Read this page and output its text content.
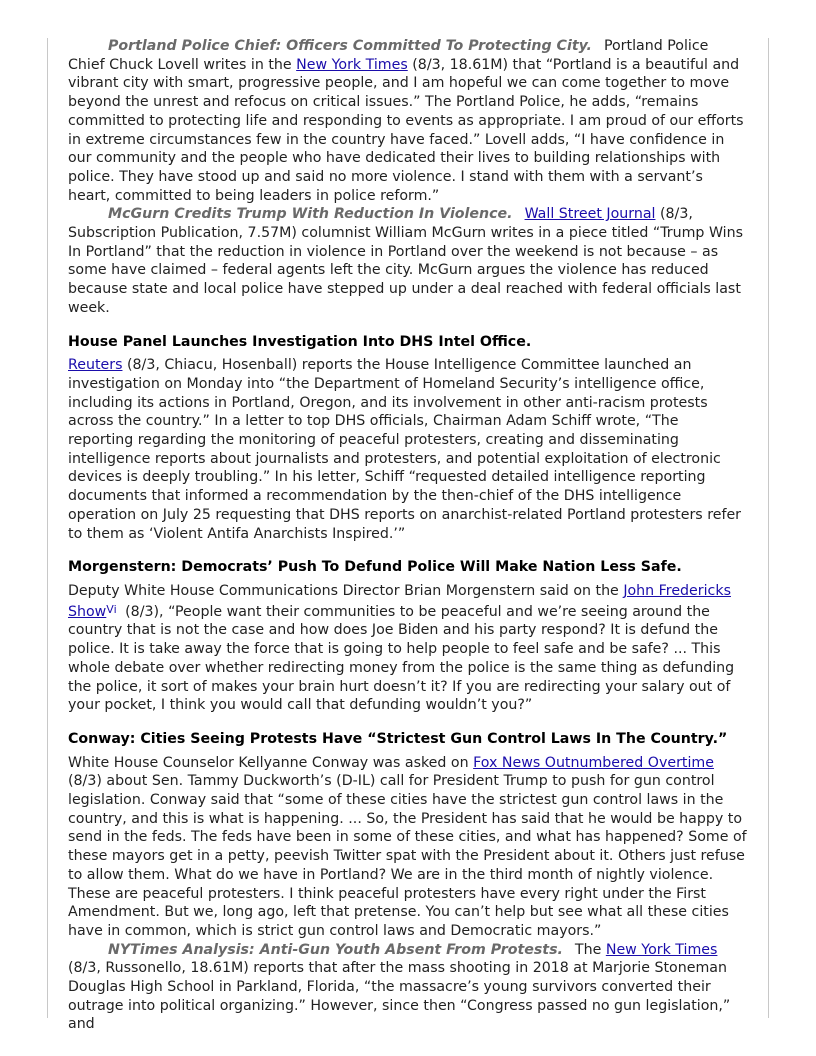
Portland Police Chief: Officers Committed To Protecting City. Portland Police Chief Chuck Lovell writes in the New York Times (8/3, 18.61M) that “Portland is a beautiful and vibrant city with smart, progressive people, and I am hopeful we can come together to move beyond the unrest and refocus on critical issues.” The Portland Police, he adds, “remains committed to protecting life and responding to events as appropriate. I am proud of our efforts in extreme circumstances few in the country have faced.” Lovell adds, “I have confidence in our community and the people who have dedicated their lives to building relationships with police. They have stood up and said no more violence. I stand with them with a servant’s heart, committed to being leaders in police reform.”

McGurn Credits Trump With Reduction In Violence. Wall Street Journal (8/3, Subscription Publication, 7.57M) columnist William McGurn writes in a piece titled “Trump Wins In Portland” that the reduction in violence in Portland over the weekend is not because – as some have claimed – federal agents left the city. McGurn argues the violence has reduced because state and local police have stepped up under a deal reached with federal officials last week.

House Panel Launches Investigation Into DHS Intel Office.

Reuters (8/3, Chiacu, Hosenball) reports the House Intelligence Committee launched an investigation on Monday into “the Department of Homeland Security’s intelligence office, including its actions in Portland, Oregon, and its involvement in other anti-racism protests across the country.” In a letter to top DHS officials, Chairman Adam Schiff wrote, “The reporting regarding the monitoring of peaceful protesters, creating and disseminating intelligence reports about journalists and protesters, and potential exploitation of electronic devices is deeply troubling.” In his letter, Schiff “requested detailed intelligence reporting documents that informed a recommendation by the then-chief of the DHS intelligence operation on July 25 requesting that DHS reports on anarchist-related Portland protesters refer to them as ‘Violent Antifa Anarchists Inspired.’”

Morgenstern: Democrats’ Push To Defund Police Will Make Nation Less Safe.

Deputy White House Communications Director Brian Morgenstern said on the John Fredericks Show$^{Vi}$ (8/3), “People want their communities to be peaceful and we’re seeing around the country that is not the case and how does Joe Biden and his party respond? It is defund the police. It is take away the force that is going to help people to feel safe and be safe? ... This whole debate over whether redirecting money from the police is the same thing as defunding the police, it sort of makes your brain hurt doesn’t it? If you are redirecting your salary out of your pocket, I think you would call that defunding wouldn’t you?”

Conway: Cities Seeing Protests Have “Strictest Gun Control Laws In The Country.”

White House Counselor Kellyanne Conway was asked on Fox News Outnumbered Overtime (8/3) about Sen. Tammy Duckworth’s (D-IL) call for President Trump to push for gun control legislation. Conway said that “some of these cities have the strictest gun control laws in the country, and this is what is happening. ... So, the President has said that he would be happy to send in the feds. The feds have been in some of these cities, and what has happened? Some of these mayors get in a petty, peevish Twitter spat with the President about it. Others just refuse to allow them. What do we have in Portland? We are in the third month of nightly violence. These are peaceful protesters. I think peaceful protesters have every right under the First Amendment. But we, long ago, left that pretense. You can’t help but see what all these cities have in common, which is strict gun control laws and Democratic mayors.”

NYTimes Analysis: Anti-Gun Youth Absent From Protests. The New York Times (8/3, Russonello, 18.61M) reports that after the mass shooting in 2018 at Marjorie Stoneman Douglas High School in Parkland, Florida, “the massacre’s young survivors converted their outrage into political organizing.” However, since then “Congress passed no gun legislation,” and
